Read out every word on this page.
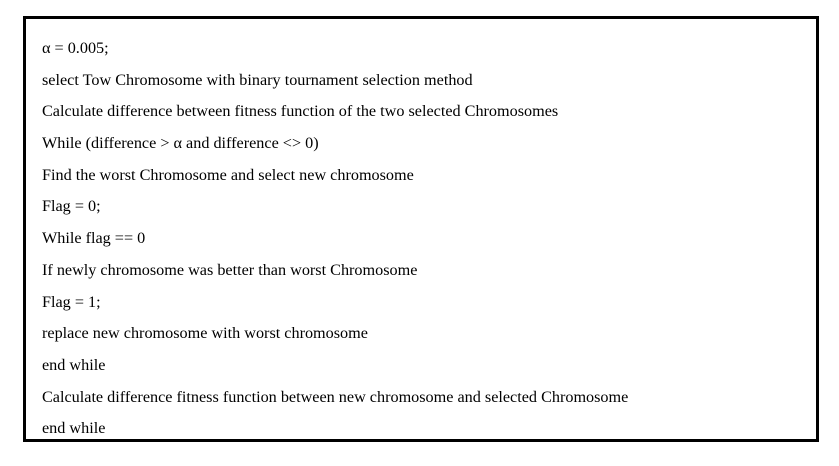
α = 0.005;
select Tow Chromosome with binary tournament selection method
Calculate difference between fitness function of the two selected Chromosomes
While (difference > α and difference <> 0)
Find the worst Chromosome and select new chromosome
Flag = 0;
While flag == 0
If newly chromosome was better than worst Chromosome
Flag = 1;
replace new chromosome with worst chromosome
end while
Calculate difference fitness function between new chromosome and selected Chromosome
end while
